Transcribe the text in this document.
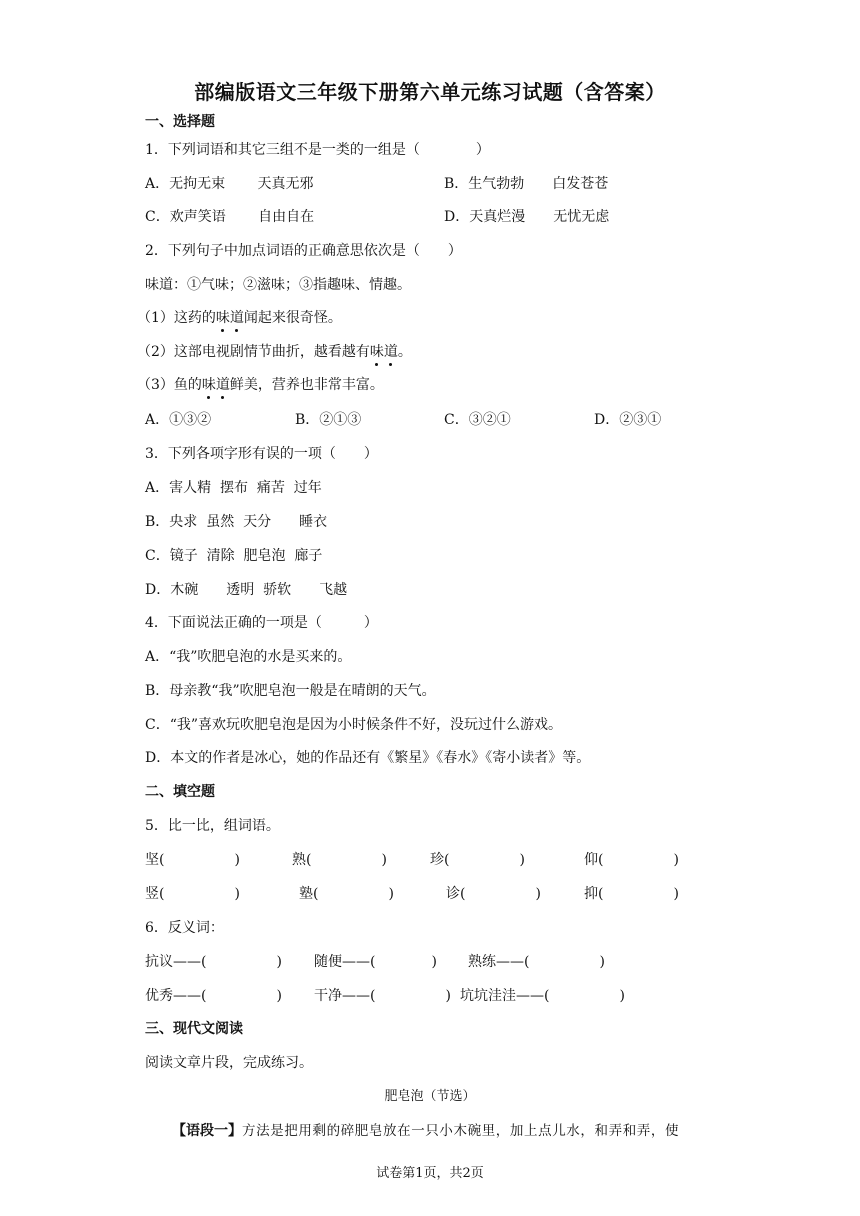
部编版语文三年级下册第六单元练习试题（含答案）
一、选择题
1．下列词语和其它三组不是一类的一组是（　　　　）
A．无拘无束　　 天真无邪	B．生气勃勃　　白发苍苍
C．欢声笑语　　 自由自在	D．天真烂漫　　无忧无虑
2．下列句子中加点词语的正确意思依次是（　　）
味道：①气味；②滋味；③指趣味、情趣。
（1）这药的味道闻起来很奇怪。
（2）这部电视剧情节曲折，越看越有味道。
（3）鱼的味道鲜美，营养也非常丰富。
A．①③②	B．②①③	C．③②①	D．②③①
3．下列各项字形有误的一项（　　）
A．害人精  摆布  痛苦  过年
B．央求  虽然  天分　　睡衣
C．镜子  清除  肥皂泡  廊子
D．木碗　　透明  骄软　　飞越
4．下面说法正确的一项是（　　　）
A．“我”吹肥皂泡的水是买来的。
B．母亲教“我”吹肥皂泡一般是在晴朗的天气。
C．“我”喜欢玩吹肥皂泡是因为小时候条件不好，没玩过什么游戏。
D．本文的作者是冰心，她的作品还有《繁星》《春水》《寄小读者》等。
二、填空题
5．比一比，组词语。
坚(　　　　　)	熟(　　　　　)	珍(　　　　　)	仰(　　　　　)
竖(　　　　　)	塾(　　　　　)	诊(　　　　　)	抑(　　　　　)
6．反义词：
抗议——(　　　　　) 随便——(　　　　) 熟练——(　　　　　)
优秀——(　　　　　) 干净——(　　　　　) 坑坑洼洼——(　　　　　)
三、现代文阅读
阅读文章片段，完成练习。
肥皂泡（节选）
【语段一】方法是把用剩的碎肥皂放在一只小木碗里，加上点儿水，和弄和弄，使
试卷第1页，共2页
